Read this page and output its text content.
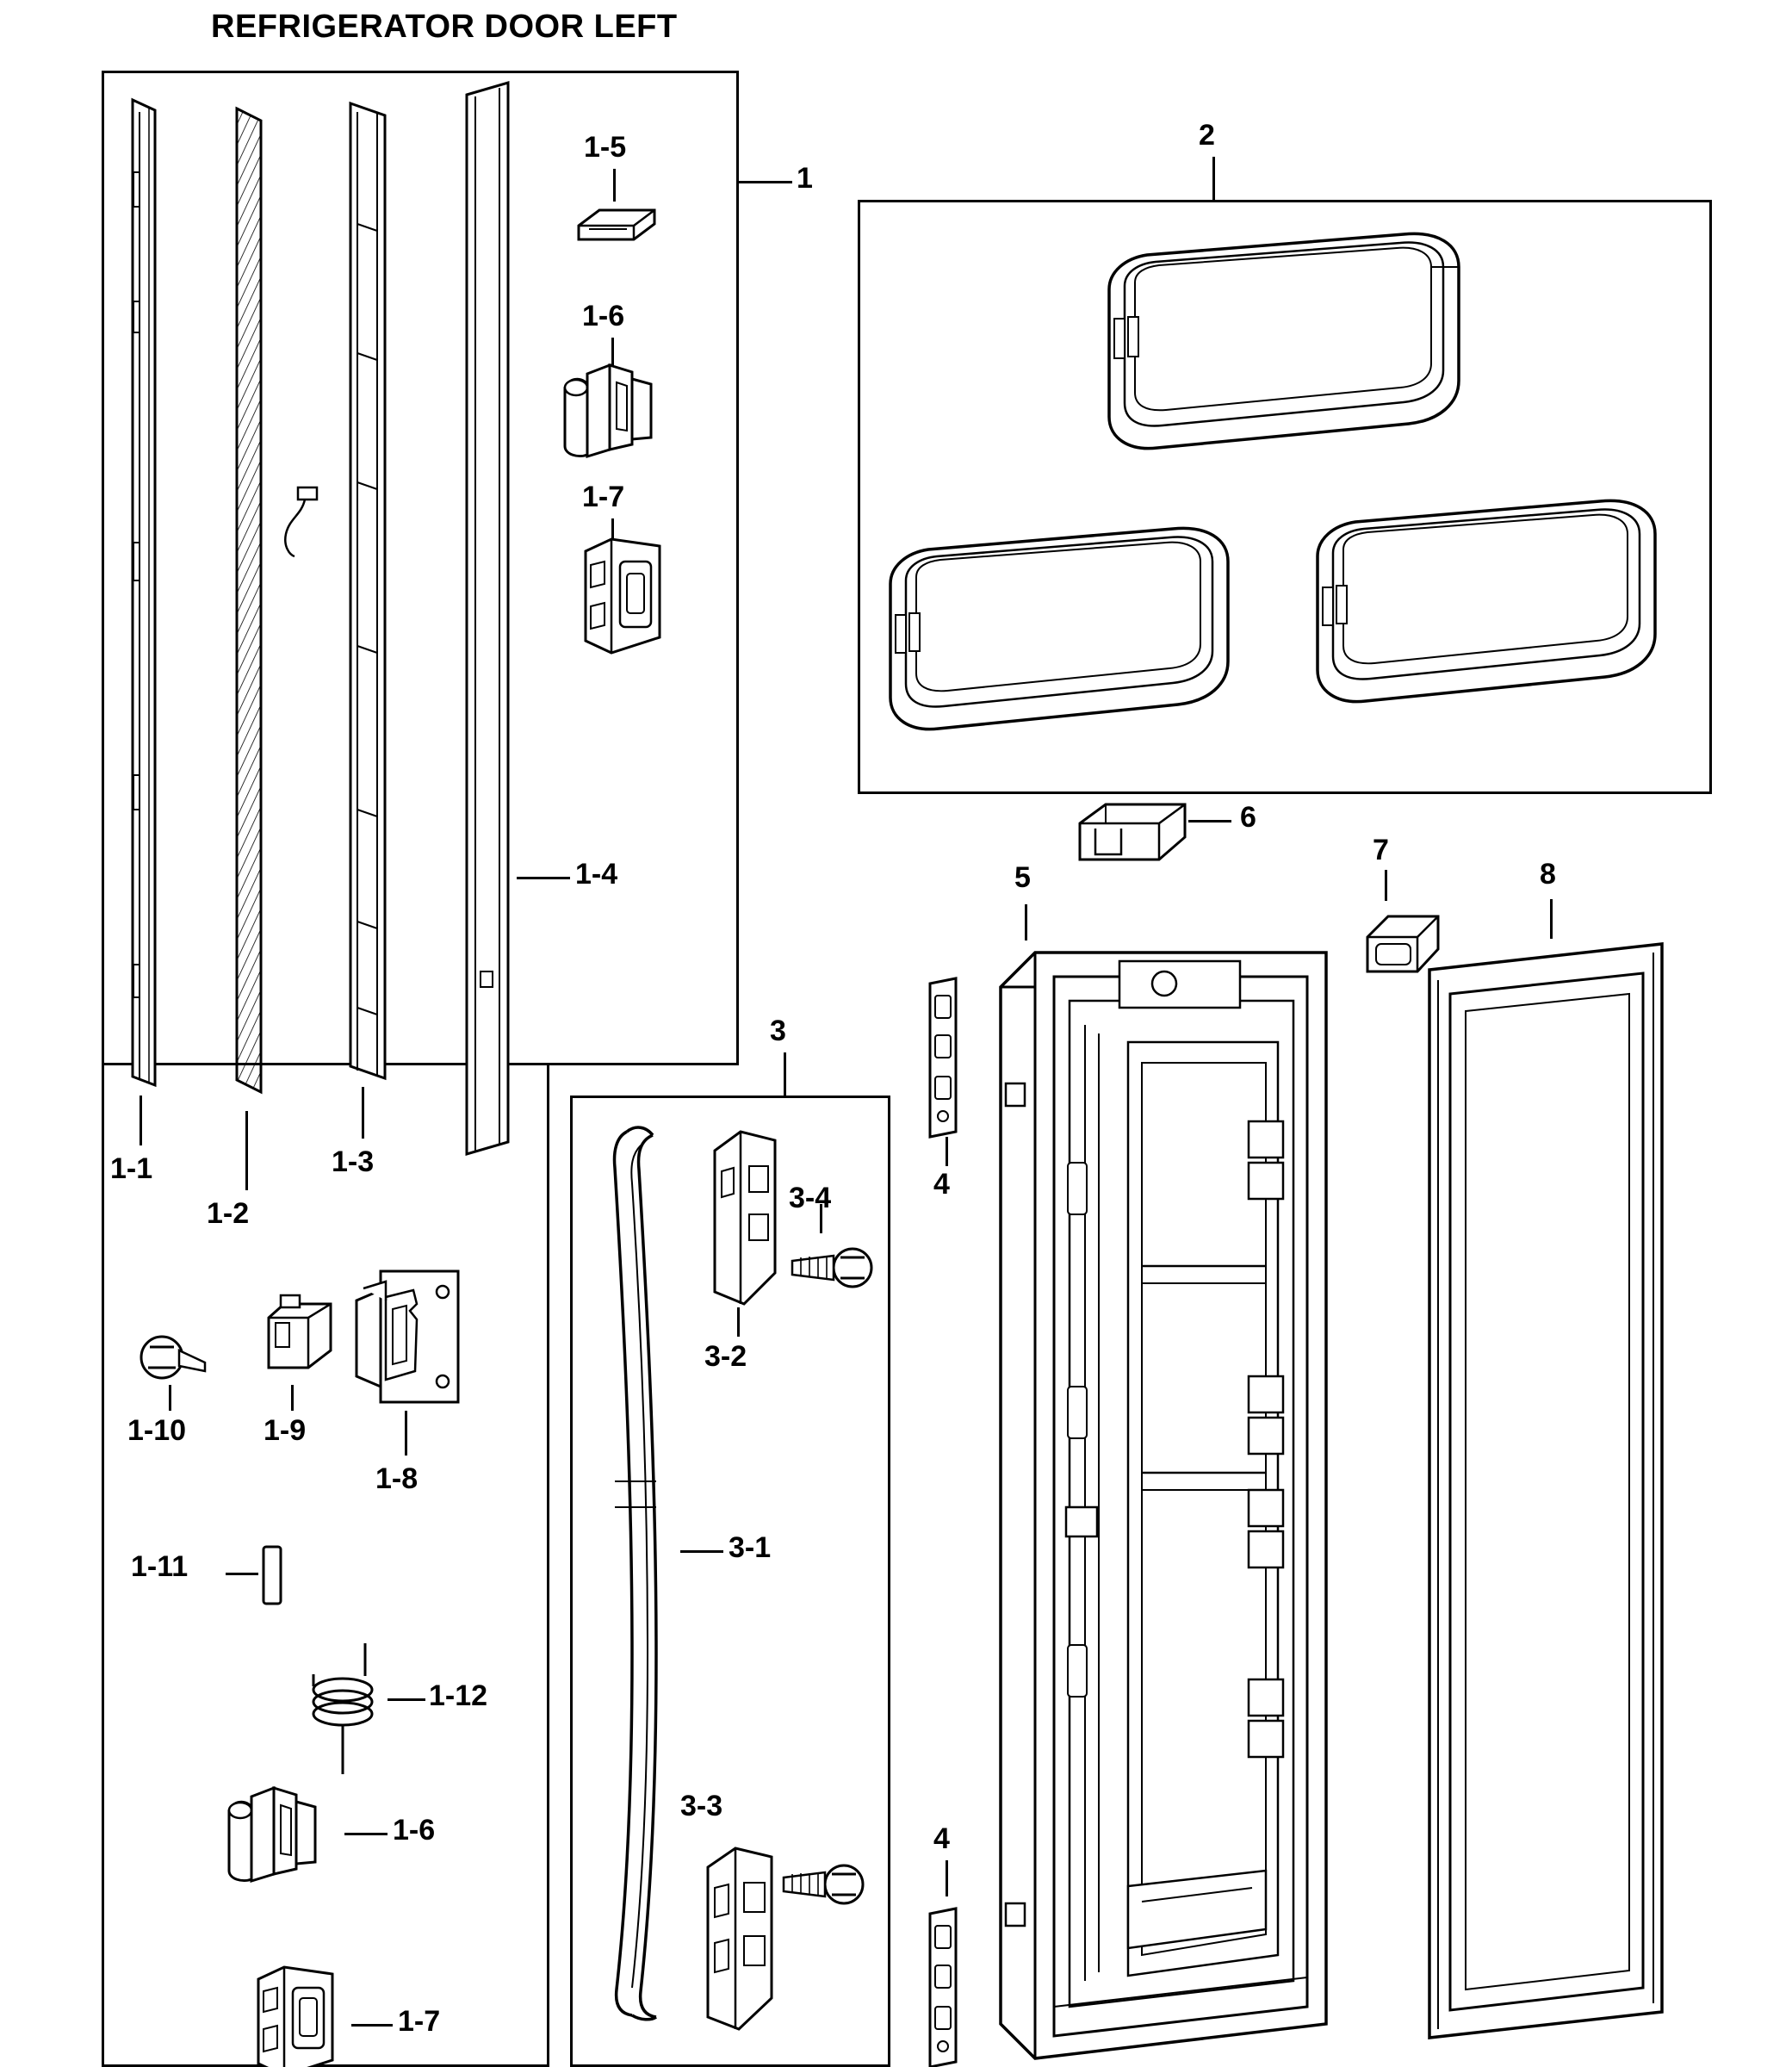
REFRIGERATOR DOOR LEFT
1
1-1
1-2
1-3
1-4
1-5
1-6
1-7
1-10	1-9
1-8
1-11
1-12
1-6
1-7
2
3
3-1
3-2
3-4
3-3
4
4
5
6
7
8
